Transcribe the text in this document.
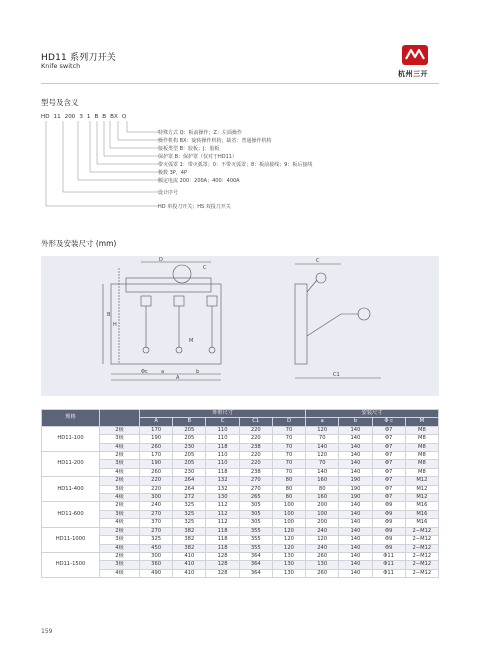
HD11 系列刀开关
Knife switch
杭州三开
型号及含义
HD 11 200 3 1 B B BX Q
特殊方式 Q：板前操作；Z：左面操作
操作机构 BX：旋转操作机构；缺省：普通操作机构
接板类型 B：胶板；J：胶板
保护罩 B：保护罩（仅对于HD11）
带灭弧罩 1：带灭弧罩；0：不带灭弧罩；8：板前接线；9：板后接线
极数 3P，4P
额定电流 200：200A；400：400A
设计序号
HD 单投刀开关；HS 双投刀开关
外形及安装尺寸 (mm)
D
A
B
C
H
a	b
Φc
M
C
C1
规格		外形尺寸					安装尺寸			
		A	B	C	C1	D	a	b	Φ c	M
HD11-100	2极	170	205	110	220	70	120	140	Φ7	M8
	3极	190	205	110	220	70	70	140	Φ7	M8
	4极	260	230	118	238	70	140	140	Φ7	M8
HD11-200	2极	170	205	110	220	70	120	140	Φ7	M8
	3极	190	205	110	220	70	70	140	Φ7	M8
	4极	260	230	118	238	70	140	140	Φ7	M8
HD11-400	2极	220	264	132	270	80	160	190	Φ7	M12
	3极	220	264	132	270	80	80	190	Φ7	M12
	4极	300	272	130	265	80	160	190	Φ7	M12
HD11-600	2极	240	325	112	305	100	200	140	Φ9	M16
	3极	270	325	112	305	100	100	140	Φ9	M16
	4极	370	325	112	305	100	200	140	Φ9	M16
HD11-1000	2极	270	382	118	355	120	240	140	Φ9	2−M12
	3极	325	382	118	355	120	120	140	Φ9	2−M12
	4极	450	382	118	355	120	240	140	Φ9	2−M12
HD11-1500	2极	300	410	128	364	130	260	140	Φ11	2−M12
	3极	360	410	128	364	130	130	140	Φ11	2−M12
	4极	490	410	128	364	130	260	140	Φ11	2−M12
159
